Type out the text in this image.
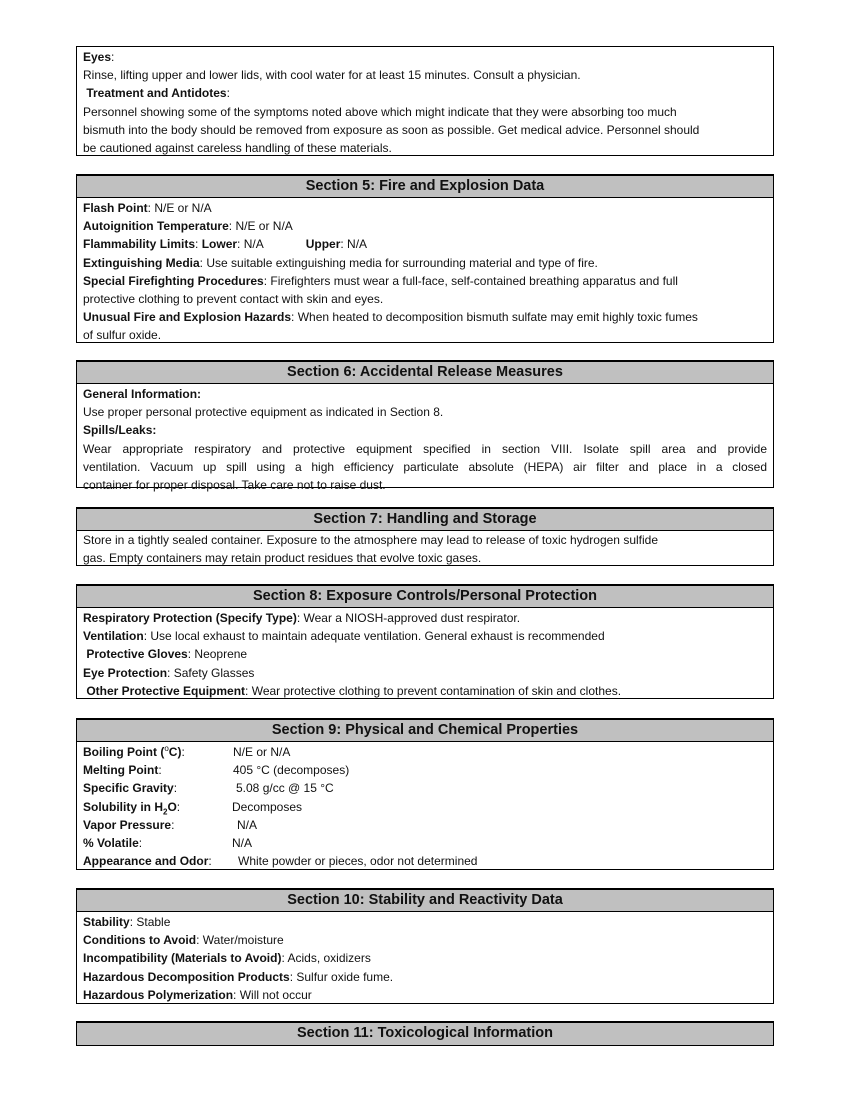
Eyes:
Rinse, lifting upper and lower lids, with cool water for at least 15 minutes. Consult a physician.
Treatment and Antidotes:
Personnel showing some of the symptoms noted above which might indicate that they were absorbing too much
bismuth into the body should be removed from exposure as soon as possible. Get medical advice. Personnel should
be cautioned against careless handling of these materials.
Section 5: Fire and Explosion Data
Flash Point: N/E or N/A
Autoignition Temperature: N/E or N/A
Flammability Limits: Lower: N/A	Upper: N/A
Extinguishing Media: Use suitable extinguishing media for surrounding material and type of fire.
Special Firefighting Procedures: Firefighters must wear a full-face, self-contained breathing apparatus and full
protective clothing to prevent contact with skin and eyes.
Unusual Fire and Explosion Hazards: When heated to decomposition bismuth sulfate may emit highly toxic fumes
of sulfur oxide.
Section 6: Accidental Release Measures
General Information:
Use proper personal protective equipment as indicated in Section 8.
Spills/Leaks:
Wear appropriate respiratory and protective equipment specified in section VIII. Isolate spill area and provide
ventilation. Vacuum up spill using a high efficiency particulate absolute (HEPA) air filter and place in a closed
container for proper disposal. Take care not to raise dust.
Section 7: Handling and Storage
Store in a tightly sealed container. Exposure to the atmosphere may lead to release of toxic hydrogen sulfide
gas. Empty containers may retain product residues that evolve toxic gases.
Section 8: Exposure Controls/Personal Protection
Respiratory Protection (Specify Type): Wear a NIOSH-approved dust respirator.
Ventilation: Use local exhaust to maintain adequate ventilation. General exhaust is recommended
Protective Gloves: Neoprene
Eye Protection: Safety Glasses
Other Protective Equipment: Wear protective clothing to prevent contamination of skin and clothes.
Section 9: Physical and Chemical Properties
Boiling Point ($^o$C):	N/E or N/A
Melting Point:	405 °C (decomposes)
Specific Gravity:	5.08 g/cc @ 15 °C
Solubility in $H_2O$:	Decomposes
Vapor Pressure:	N/A
% Volatile:	N/A
Appearance and Odor: White powder or pieces, odor not determined
Section 10: Stability and Reactivity Data
Stability: Stable
Conditions to Avoid: Water/moisture
Incompatibility (Materials to Avoid): Acids, oxidizers
Hazardous Decomposition Products: Sulfur oxide fume.
Hazardous Polymerization: Will not occur
Section 11: Toxicological Information
